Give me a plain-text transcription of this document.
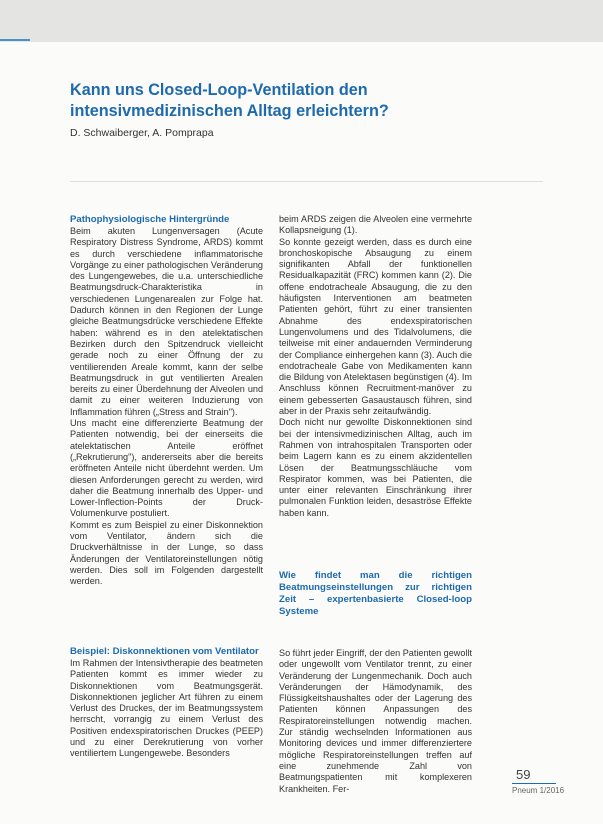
Kann uns Closed-Loop-Ventilation den intensivmedizinischen Alltag erleichtern?
D. Schwaiberger, A. Pomprapa

Pathophysiologische Hintergründe

Beim akuten Lungenversagen (Acute Respiratory Distress Syndrome, ARDS) kommt es durch verschiedene inflammatorische Vorgänge zu einer pathologischen Veränderung des Lungengewebes, die u.a. unterschiedliche Beatmungsdruck-Charakteristika in verschiedenen Lungenarealen zur Folge hat. Dadurch können in den Regionen der Lunge gleiche Beatmungsdrücke verschiedene Effekte haben: während es in den atelektatischen Bezirken durch den Spitzendruck vielleicht gerade noch zu einer Öffnung der zu ventilierenden Areale kommt, kann der selbe Beatmungsdruck in gut ventilierten Arealen bereits zu einer Überdehnung der Alveolen und damit zu einer weiteren Induzierung von Inflammation führen („Stress and Strain").

Uns macht eine differenzierte Beatmung der Patienten notwendig, bei der einerseits die atelektatischen Anteile eröffnet („Rekrutierung"), andererseits aber die bereits eröffneten Anteile nicht überdehnt werden. Um diesen Anforderungen gerecht zu werden, wird daher die Beatmung innerhalb des Upper- und Lower-Inflection-Points der Druck-Volumenkurve postuliert.

Kommt es zum Beispiel zu einer Diskonnektion vom Ventilator, ändern sich die Druckverhältnisse in der Lunge, so dass Änderungen der Ventilatoreinstellungen nötig werden. Dies soll im Folgenden dargestellt werden.

Beispiel: Diskonnektionen vom Ventilator

Im Rahmen der Intensivtherapie des beatmeten Patienten kommt es immer wieder zu Diskonnektionen vom Beatmungsgerät. Diskonnektionen jeglicher Art führen zu einem Verlust des Druckes, der im Beatmungssystem herrscht, vorrangig zu einem Verlust des Positiven endexspiratorischen Druckes (PEEP) und zu einer Derekrutierung von vorher ventiliertem Lungengewebe. Besonders

beim ARDS zeigen die Alveolen eine vermehrte Kollapsneigung (1).

So konnte gezeigt werden, dass es durch eine bronchoskopische Absaugung zu einem signifikanten Abfall der funktionellen Residualkapazität (FRC) kommen kann (2). Die offene endotracheale Absaugung, die zu den häufigsten Interventionen am beatmeten Patienten gehört, führt zu einer transienten Abnahme des endexspiratorischen Lungenvolumens und des Tidalvolumens, die teilweise mit einer andauernden Verminderung der Compliance einhergehen kann (3). Auch die endotracheale Gabe von Medikamenten kann die Bildung von Atelektasen begünstigen (4). Im Anschluss können Recruitment-manöver zu einem gebesserten Gasaustausch führen, sind aber in der Praxis sehr zeitaufwändig.

Doch nicht nur gewollte Diskonnektionen sind bei der intensivmedizinischen Alltag, auch im Rahmen von intrahospitalen Transporten oder beim Lagern kann es zu einem akzidentellen Lösen der Beatmungsschläuche vom Respirator kommen, was bei Patienten, die unter einer relevanten Einschränkung ihrer pulmonalen Funktion leiden, desaströse Effekte haben kann.

Wie findet man die richtigen Beatmungseinstellungen zur richtigen Zeit – expertenbasierte Closed-loop Systeme

So führt jeder Eingriff, der den Patienten gewollt oder ungewollt vom Ventilator trennt, zu einer Veränderung der Lungenmechanik. Doch auch Veränderungen der Hämodynamik, des Flüssigkeitshaushaltes oder der Lagerung des Patienten können Anpassungen des Respiratoreinstellungen notwendig machen. Zur ständig wechselnden Informationen aus Monitoring devices und immer differenziertere mögliche Respiratoreinstellungen treffen auf eine zunehmende Zahl von Beatmungspatienten mit komplexeren Krankheiten. Fer-

59
Pneum 1/2016
